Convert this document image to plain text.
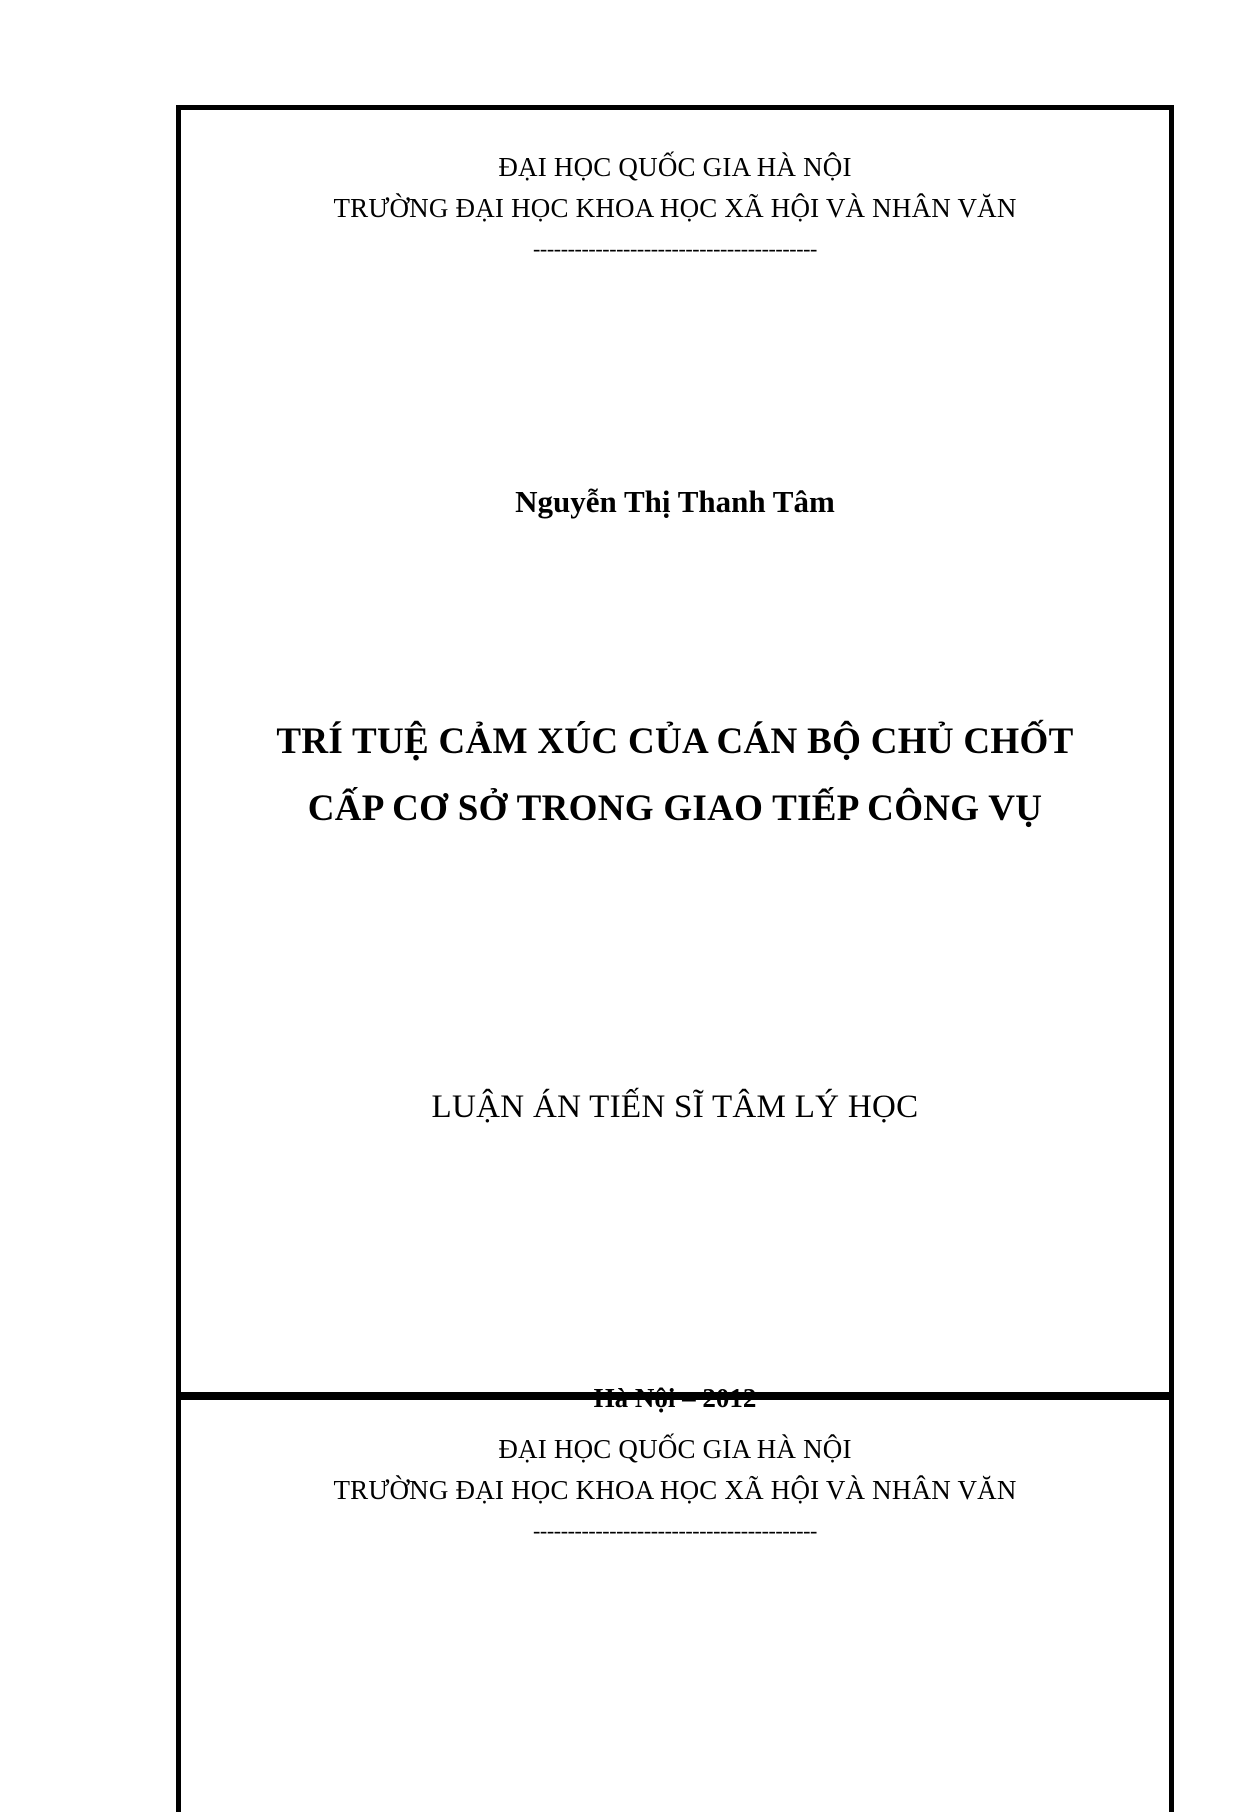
ĐẠI HỌC QUỐC GIA HÀ NỘI
TRƯỜNG ĐẠI HỌC KHOA HỌC XÃ HỘI VÀ NHÂN VĂN
-----------------------------------------
Nguyễn Thị Thanh Tâm
TRÍ TUỆ CẢM XÚC CỦA CÁN BỘ CHỦ CHỐT
CẤP CƠ SỞ TRONG GIAO TIẾP CÔNG VỤ
LUẬN ÁN TIẾN SĨ TÂM LÝ HỌC
Hà Nội – 2012
ĐẠI HỌC QUỐC GIA HÀ NỘI
TRƯỜNG ĐẠI HỌC KHOA HỌC XÃ HỘI VÀ NHÂN VĂN
-----------------------------------------
